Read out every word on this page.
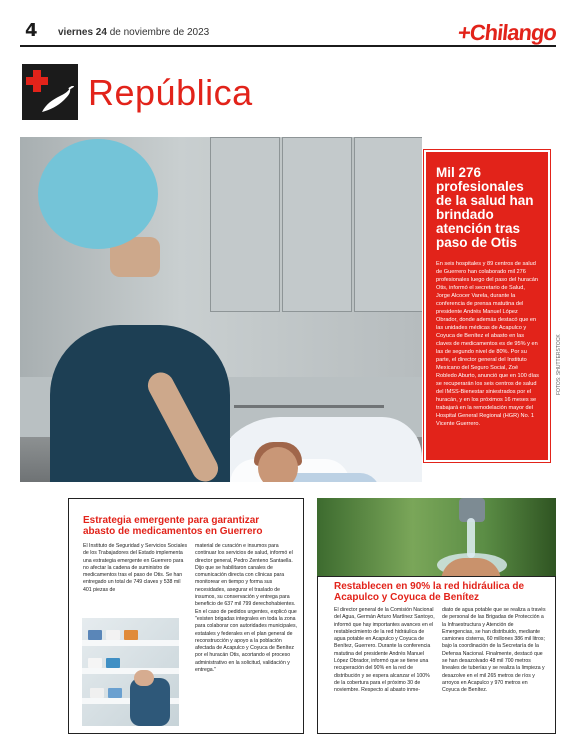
4 viernes 24 de noviembre de 2023	+Chilango
República
FOTOS: SHUTTERSTOCK
Mil 276 profesionales de la salud han brindado atención tras paso de Otis

En seis hospitales y 89 centros de salud de Guerrero han colaborado mil 276 profesionales luego del paso del huracán Otis, informó el secretario de Salud, Jorge Alcocer Varela, durante la conferencia de prensa matutina del presidente Andrés Manuel López Obrador, donde además destacó que en las unidades médicas de Acapulco y Coyuca de Benítez el abasto en las claves de medicamentos es de 95% y en las de segundo nivel de 80%. Por su parte, el director general del Instituto Mexicano del Seguro Social, Zoé Robledo Aburto, anunció que en 100 días se recuperarán los seis centros de salud del IMSS-Bienestar siniestrados por el huracán, y en los próximos 16 meses se trabajará en la remodelación mayor del Hospital General Regional (HGR) No. 1 Vicente Guerrero.

Estrategia emergente para garantizar abasto de medicamentos en Guerrero

El Instituto de Seguridad y Servicios Sociales de los Trabajadores del Estado implementa una estrategia emergente en Guerrero para no afectar la cadena de suministro de medicamentos tras el paso de Otis. Se han entregado un total de 749 claves y 538 mil 401 piezas de

material de curación e insumos para continuar los servicios de salud, informó el director general, Pedro Zenteno Santaella. Dijo que se habilitaron canales de comunicación directa con clínicas para monitorear en tiempo y forma sus necesidades, asegurar el traslado de insumos, su conservación y entrega para beneficio de 637 mil 799 derechohabientes. En el caso de pedidos urgentes, explicó que "existen brigadas integrales en toda la zona para colaborar con autoridades municipales, estatales y federales en el plan general de reconstrucción y apoyo a la población afectada de Acapulco y Coyuca de Benítez por el huracán Otis, acortando el proceso administrativo en la solicitud, validación y entrega."

Restablecen en 90% la red hidráulica de Acapulco y Coyuca de Benítez

El director general de la Comisión Nacional del Agua, Germán Arturo Martínez Santoyo, informó que hay importantes avances en el restablecimiento de la red hidráulica de agua potable en Acapulco y Coyuca de Benítez, Guerrero. Durante la conferencia matutina del presidente Andrés Manuel López Obrador, informó que se tiene una recuperación del 90% en la red de distribución y se espera alcanzar el 100% de la cobertura para el próximo 30 de noviembre. Respecto al abasto inme-

diato de agua potable que se realiza a través de personal de las Brigadas de Protección a la Infraestructura y Atención de Emergencias, se han distribuido, mediante camiones cisterna, 60 millones 386 mil litros; bajo la coordinación de la Secretaría de la Defensa Nacional. Finalmente, destacó que se han desazolvado 48 mil 700 metros lineales de tuberías y se realiza la limpieza y desazolve en el mil 265 metros de ríos y arroyos en Acapulco y 970 metros en Coyuca de Benítez.
